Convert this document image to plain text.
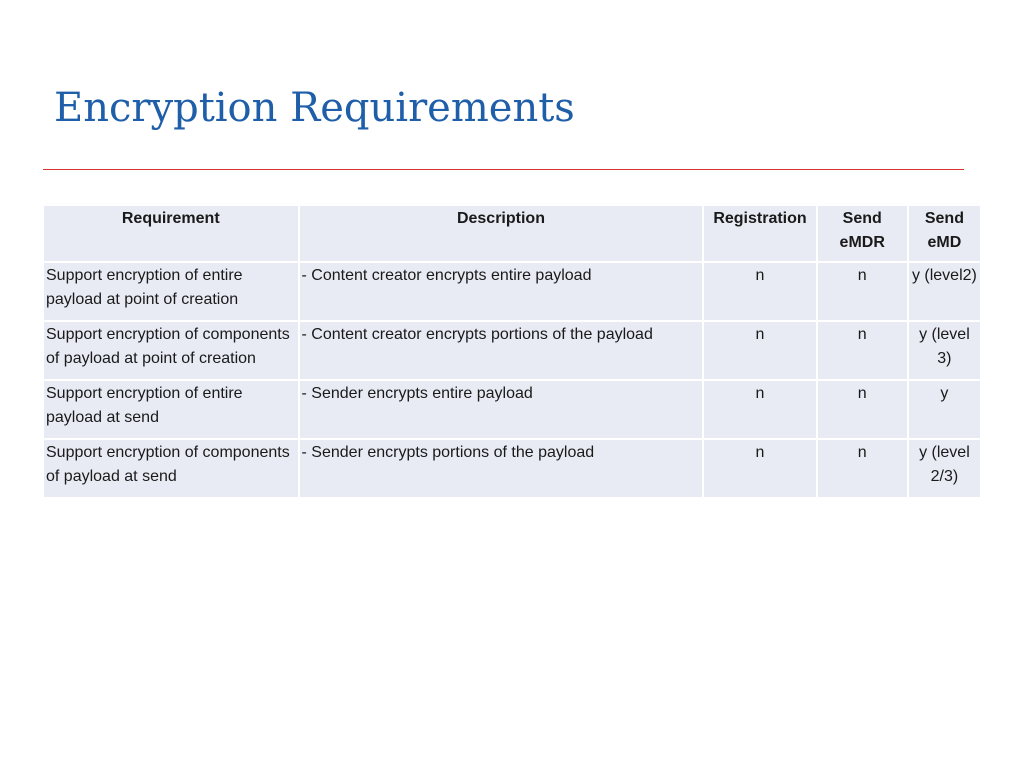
Encryption Requirements
Requirement	Description	Registration	Send eMDR	Send eMD
Support encryption of entire payload at point of creation	- Content creator encrypts entire payload	n	n	y (level2)
Support encryption of components of payload at point of creation	- Content creator encrypts portions of the payload	n	n	y (level 3)
Support encryption of entire payload at send	- Sender encrypts entire payload	n	n	y
Support encryption of components of payload at send	- Sender encrypts portions of the payload	n	n	y (level 2/3)
